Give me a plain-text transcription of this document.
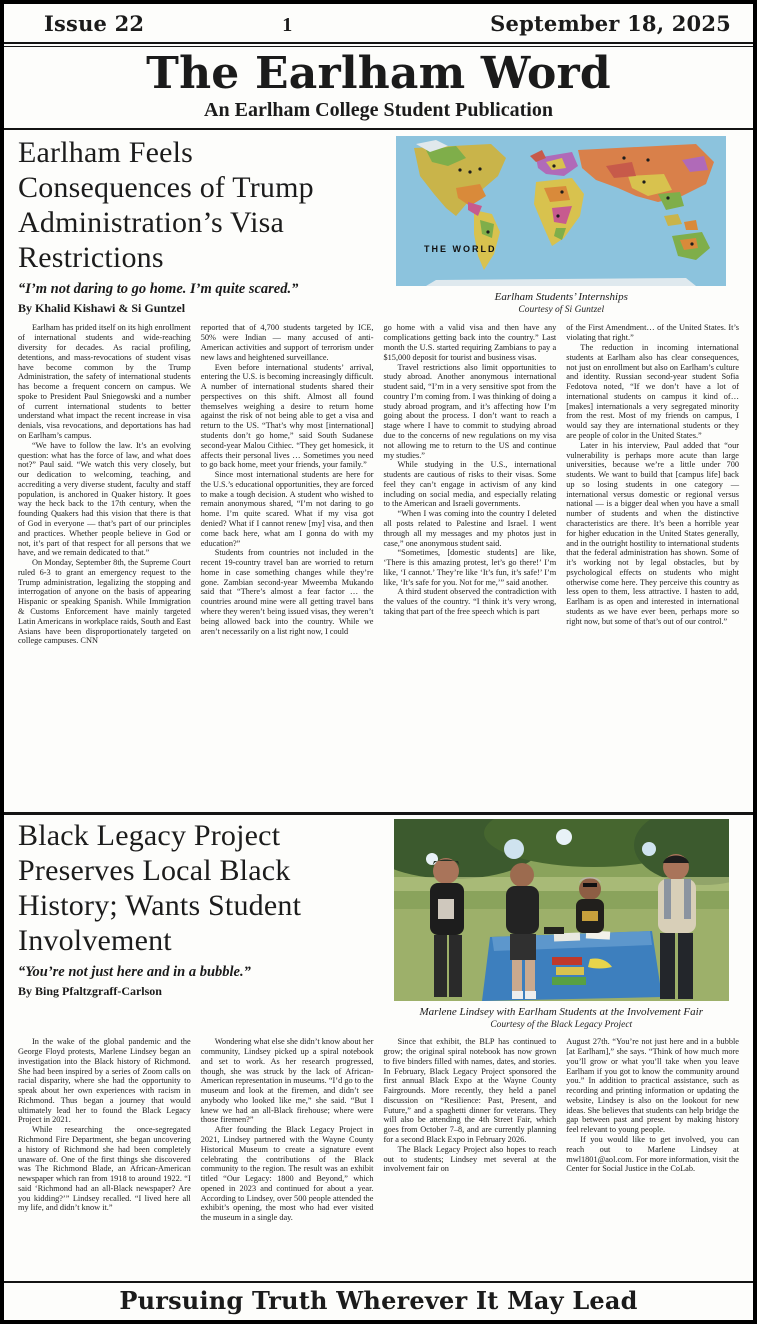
Issue 22	1	September 18, 2025
The Earlham Word

An Earlham College Student Publication

Earlham Feels Consequences of Trump Administration’s Visa Restrictions

“I’m not daring to go home. I’m quite scared.”

By Khalid Kishawi & Si Guntzel

THE WORLD
Earlham Students’ Internships
Courtesy of Si Guntzel

Earlham has prided itself on its high enrollment of international students and wide-reaching diversity for decades. As racial profiling, detentions, and mass-revocations of student visas have become common by the Trump Administration, the safety of international students has become a frequent concern on campus. We spoke to President Paul Sniegowski and a number of current international students to better understand what impact the recent increase in visa denials, visa revocations, and deportations has had on Earlham’s campus.

“We have to follow the law. It’s an evolving question: what has the force of law, and what does not?” Paul said. “We watch this very closely, but our dedication to welcoming, teaching, and accrediting a very diverse student, faculty and staff population, is anchored in Quaker history. It goes way the heck back to the 17th century, when the founding Quakers had this vision that there is that of God in everyone — that’s part of our principles and practices. Whether people believe in God or not, it’s part of that respect for all persons that we have, and we remain dedicated to that.”

On Monday, September 8th, the Supreme Court ruled 6-3 to grant an emergency request to the Trump administration, legalizing the stopping and interrogation of anyone on the basis of appearing Hispanic or speaking Spanish. While Immigration & Customs Enforcement have mainly targeted Latin Americans in workplace raids, South and East Asians have been disproportionately targeted on college campuses. CNN

reported that of 4,700 students targeted by ICE, 50% were Indian — many accused of anti-American activities and support of terrorism under new laws and heightened surveillance.

Even before international students’ arrival, entering the U.S. is becoming increasingly difficult. A number of international students shared their perspectives on this shift. Almost all found themselves weighing a desire to return home against the risk of not being able to get a visa and return to the US. “That’s why most [international] students don’t go home,” said South Sudanese second-year Malou Cithiec. “They get homesick, it affects their personal lives … Sometimes you need to go back home, meet your friends, your family.”

Since most international students are here for the U.S.’s educational opportunities, they are forced to make a tough decision. A student who wished to remain anonymous shared, “I’m not daring to go home. I’m quite scared. What if my visa got denied? What if I cannot renew [my] visa, and then come back here, what am I gonna do with my education?”

Students from countries not included in the recent 19-country travel ban are worried to return home in case something changes while they’re gone. Zambian second-year Mweemba Mukando said that “There’s almost a fear factor … the countries around mine were all getting travel bans where they weren’t being issued visas, they weren’t being allowed back into the country. While we aren’t necessarily on a list right now, I could

go home with a valid visa and then have any complications getting back into the country.” Last month the U.S. started requiring Zambians to pay a $15,000 deposit for tourist and business visas.

Travel restrictions also limit opportunities to study abroad. Another anonymous international student said, “I’m in a very sensitive spot from the country I’m coming from. I was thinking of doing a study abroad program, and it’s affecting how I’m going about the process. I don’t want to reach a stage where I have to commit to studying abroad due to the concerns of new regulations on my visa not allowing me to return to the US and continue my studies.”

While studying in the U.S., international students are cautious of risks to their visas. Some feel they can’t engage in activism of any kind including on social media, and especially relating to the American and Israeli governments.

“When I was coming into the country I deleted all posts related to Palestine and Israel. I went through all my messages and my photos just in case,” one anonymous student said.

“Sometimes, [domestic students] are like, ‘There is this amazing protest, let’s go there!’ I’m like, ‘I cannot.’ They’re like ‘It’s fun, it’s safe!’ I’m like, ‘It’s safe for you. Not for me,’” said another.

A third student observed the contradiction with the values of the country. “I think it’s very wrong, taking that part of the free speech which is part

of the First Amendment… of the United States. It’s violating that right.”

The reduction in incoming international students at Earlham also has clear consequences, not just on enrollment but also on Earlham’s culture and identity. Russian second-year student Sofia Fedotova noted, “If we don’t have a lot of international students on campus it kind of… [makes] internationals a very segregated minority from the rest. Most of my friends on campus, I would say they are international students or they are people of color in the United States.”

Later in his interview, Paul added that “our vulnerability is perhaps more acute than large universities, because we’re a little under 700 students. We want to build that [campus life] back up so losing students in one category — international versus domestic or regional versus national — is a bigger deal when you have a small number of students and when the distinctive characteristics are there. It’s been a horrible year for higher education in the United States generally, and in the outright hostility to international students that the federal administration has shown. Some of it’s working not by legal obstacles, but by psychological effects on students who might otherwise come here. They perceive this country as less open to them, less attractive. I hasten to add, Earlham is as open and interested in international students as we have ever been, perhaps more so right now, but some of that’s out of our control.”

Black Legacy Project Preserves Local Black History; Wants Student Involvement

“You’re not just here and in a bubble.”

By Bing Pfaltzgraff-Carlson

Marlene Lindsey with Earlham Students at the Involvement Fair
Courtesy of the Black Legacy Project

In the wake of the global pandemic and the George Floyd protests, Marlene Lindsey began an investigation into the Black history of Richmond. She had been inspired by a series of Zoom calls on racial disparity, where she had the opportunity to speak about her own experiences with racism in Richmond. Thus began a journey that would ultimately lead her to found the Black Legacy Project in 2021.

While researching the once-segregated Richmond Fire Department, she began uncovering a history of Richmond she had been completely unaware of. One of the first things she discovered was The Richmond Blade, an African-American newspaper which ran from 1918 to around 1922. “I said ‘Richmond had an all-Black newspaper? Are you kidding?’” Lindsey recalled. “I lived here all my life, and didn’t know it.”

Wondering what else she didn’t know about her community, Lindsey picked up a spiral notebook and set to work. As her research progressed, though, she was struck by the lack of African-American representation in museums. “I’d go to the museum and look at the firemen, and didn’t see anybody who looked like me,” she said. “But I knew we had an all-Black firehouse; where were those firemen?”

After founding the Black Legacy Project in 2021, Lindsey partnered with the Wayne County Historical Museum to create a signature event celebrating the contributions of the Black community to the region. The result was an exhibit titled “Our Legacy: 1800 and Beyond,” which opened in 2023 and continued for about a year. According to Lindsey, over 500 people attended the exhibit’s opening, the most who had ever visited the museum in a single day.

Since that exhibit, the BLP has continued to grow; the original spiral notebook has now grown to five binders filled with names, dates, and stories. In February, Black Legacy Project sponsored the first annual Black Expo at the Wayne County Fairgrounds. More recently, they held a panel discussion on “Resilience: Past, Present, and Future,” and a spaghetti dinner for veterans. They will also be attending the 4th Street Fair, which goes from October 7–8, and are currently planning for a second Black Expo in February 2026.

The Black Legacy Project also hopes to reach out to students; Lindsey met several at the involvement fair on

August 27th. “You’re not just here and in a bubble [at Earlham],” she says. “Think of how much more you’ll grow or what you’ll take when you leave Earlham if you got to know the community around you.” In addition to practical assistance, such as recording and printing information or updating the website, Lindsey is also on the lookout for new ideas. She believes that students can help bridge the gap between past and present by making history feel relevant to young people.

If you would like to get involved, you can reach out to Marlene Lindsey at mwl1801@aol.com. For more information, visit the Center for Social Justice in the CoLab.

Pursuing Truth Wherever It May Lead
